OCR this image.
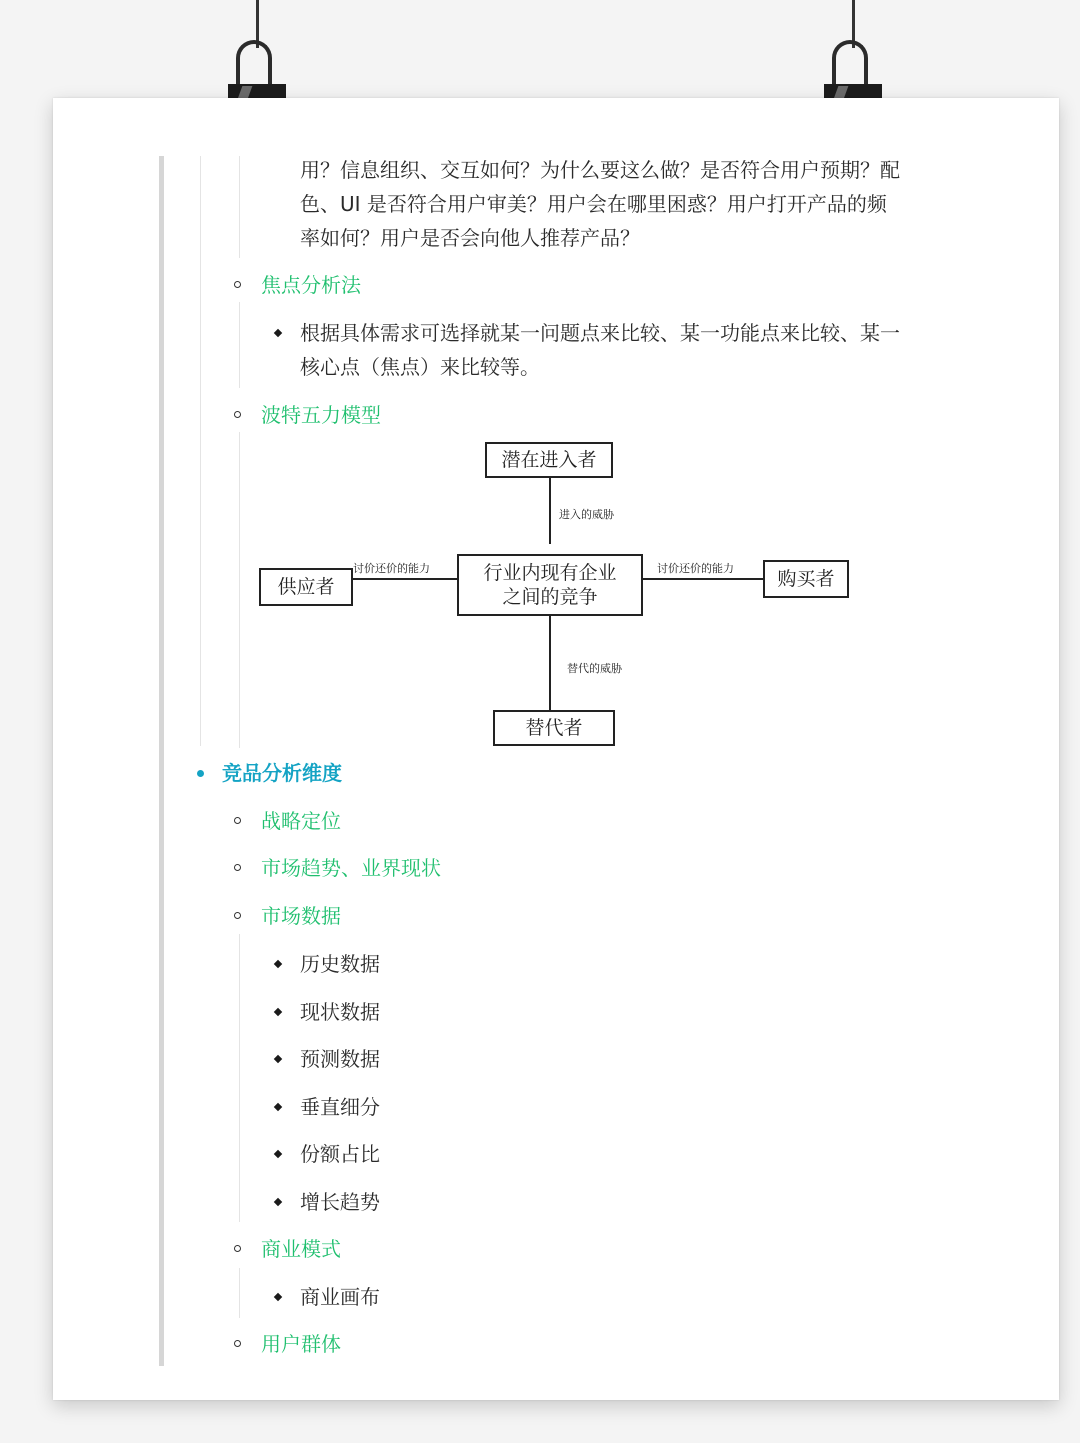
用？信息组织、交互如何？为什么要这么做？是否符合用户预期？配
色、UI 是否符合用户审美？用户会在哪里困惑？用户打开产品的频
率如何？用户是否会向他人推荐产品？
焦点分析法
根据具体需求可选择就某一问题点来比较、某一功能点来比较、某一
核心点（焦点）来比较等。
波特五力模型
潜在进入者
行业内现有企业
之间的竞争
供应者	购买者
替代者
进入的威胁
讨价还价的能力	讨价还价的能力
替代的威胁
竞品分析维度
战略定位
市场趋势、业界现状
市场数据
历史数据
现状数据
预测数据
垂直细分
份额占比
增长趋势
商业模式
商业画布
用户群体
